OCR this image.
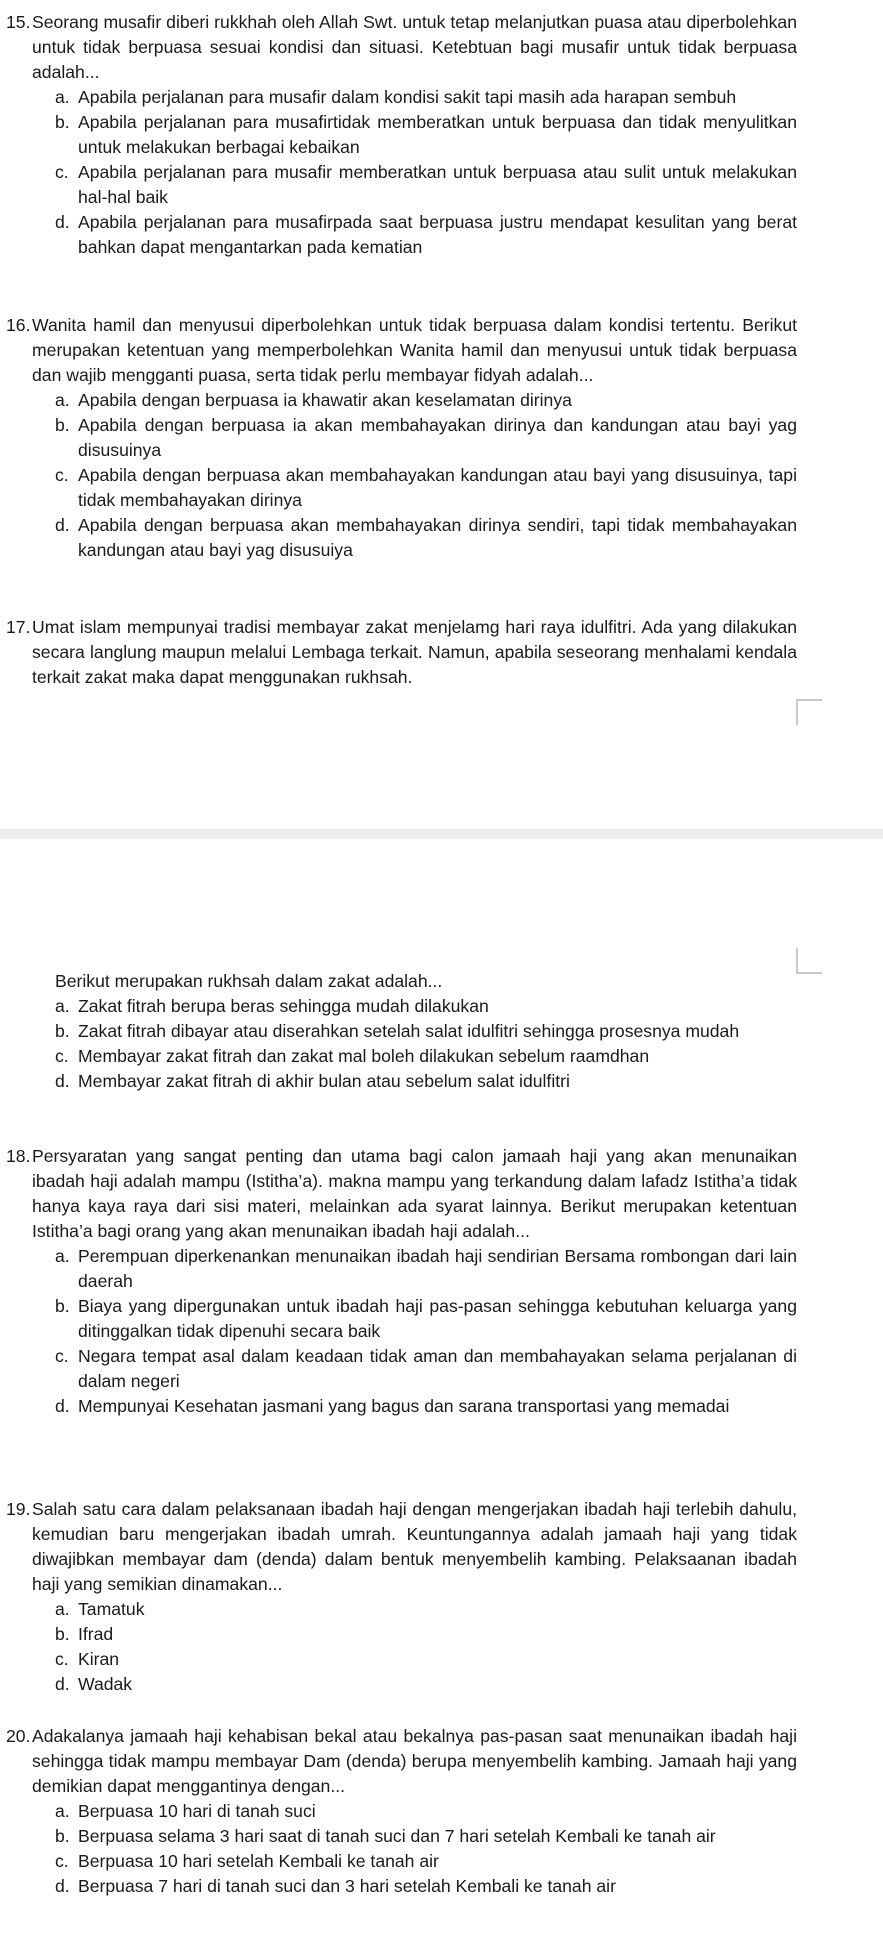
15. Seorang musafir diberi rukkhah oleh Allah Swt. untuk tetap melanjutkan puasa atau diperbolehkan untuk tidak berpuasa sesuai kondisi dan situasi. Ketebtuan bagi musafir untuk tidak berpuasa adalah...
a. Apabila perjalanan para musafir dalam kondisi sakit tapi masih ada harapan sembuh
b. Apabila perjalanan para musafirtidak memberatkan untuk berpuasa dan tidak menyulitkan untuk melakukan berbagai kebaikan
c. Apabila perjalanan para musafir memberatkan untuk berpuasa atau sulit untuk melakukan hal-hal baik
d. Apabila perjalanan para musafirpada saat berpuasa justru mendapat kesulitan yang berat bahkan dapat mengantarkan pada kematian
16. Wanita hamil dan menyusui diperbolehkan untuk tidak berpuasa dalam kondisi tertentu. Berikut merupakan ketentuan yang memperbolehkan Wanita hamil dan menyusui untuk tidak berpuasa dan wajib mengganti puasa, serta tidak perlu membayar fidyah adalah...
a. Apabila dengan berpuasa ia khawatir akan keselamatan dirinya
b. Apabila dengan berpuasa ia akan membahayakan dirinya dan kandungan atau bayi yag disusuinya
c. Apabila dengan berpuasa akan membahayakan kandungan atau bayi yang disusuinya, tapi tidak membahayakan dirinya
d. Apabila dengan berpuasa akan membahayakan dirinya sendiri, tapi tidak membahayakan kandungan atau bayi yag disusuiya
17. Umat islam mempunyai tradisi membayar zakat menjelamg hari raya idulfitri. Ada yang dilakukan secara langlung maupun melalui Lembaga terkait. Namun, apabila seseorang menhalami kendala terkait zakat maka dapat menggunakan rukhsah.
Berikut merupakan rukhsah dalam zakat adalah...
a. Zakat fitrah berupa beras sehingga mudah dilakukan
b. Zakat fitrah dibayar atau diserahkan setelah salat idulfitri sehingga prosesnya mudah
c. Membayar zakat fitrah dan zakat mal boleh dilakukan sebelum raamdhan
d. Membayar zakat fitrah di akhir bulan atau sebelum salat idulfitri
18. Persyaratan yang sangat penting dan utama bagi calon jamaah haji yang akan menunaikan ibadah haji adalah mampu (Istitha’a). makna mampu yang terkandung dalam lafadz Istitha’a tidak hanya kaya raya dari sisi materi, melainkan ada syarat lainnya. Berikut merupakan ketentuan Istitha’a bagi orang yang akan menunaikan ibadah haji adalah...
a. Perempuan diperkenankan menunaikan ibadah haji sendirian Bersama rombongan dari lain daerah
b. Biaya yang dipergunakan untuk ibadah haji pas-pasan sehingga kebutuhan keluarga yang ditinggalkan tidak dipenuhi secara baik
c. Negara tempat asal dalam keadaan tidak aman dan membahayakan selama perjalanan di dalam negeri
d. Mempunyai Kesehatan jasmani yang bagus dan sarana transportasi yang memadai
19. Salah satu cara dalam pelaksanaan ibadah haji dengan mengerjakan ibadah haji terlebih dahulu, kemudian baru mengerjakan ibadah umrah. Keuntungannya adalah jamaah haji yang tidak diwajibkan membayar dam (denda) dalam bentuk menyembelih kambing. Pelaksaanan ibadah haji yang semikian dinamakan...
a. Tamatuk
b. Ifrad
c. Kiran
d. Wadak
20. Adakalanya jamaah haji kehabisan bekal atau bekalnya pas-pasan saat menunaikan ibadah haji sehingga tidak mampu membayar Dam (denda) berupa menyembelih kambing. Jamaah haji yang demikian dapat menggantinya dengan...
a. Berpuasa 10 hari di tanah suci
b. Berpuasa selama 3 hari saat di tanah suci dan 7 hari setelah Kembali ke tanah air
c. Berpuasa 10 hari setelah Kembali ke tanah air
d. Berpuasa 7 hari di tanah suci dan 3 hari setelah Kembali ke tanah air
